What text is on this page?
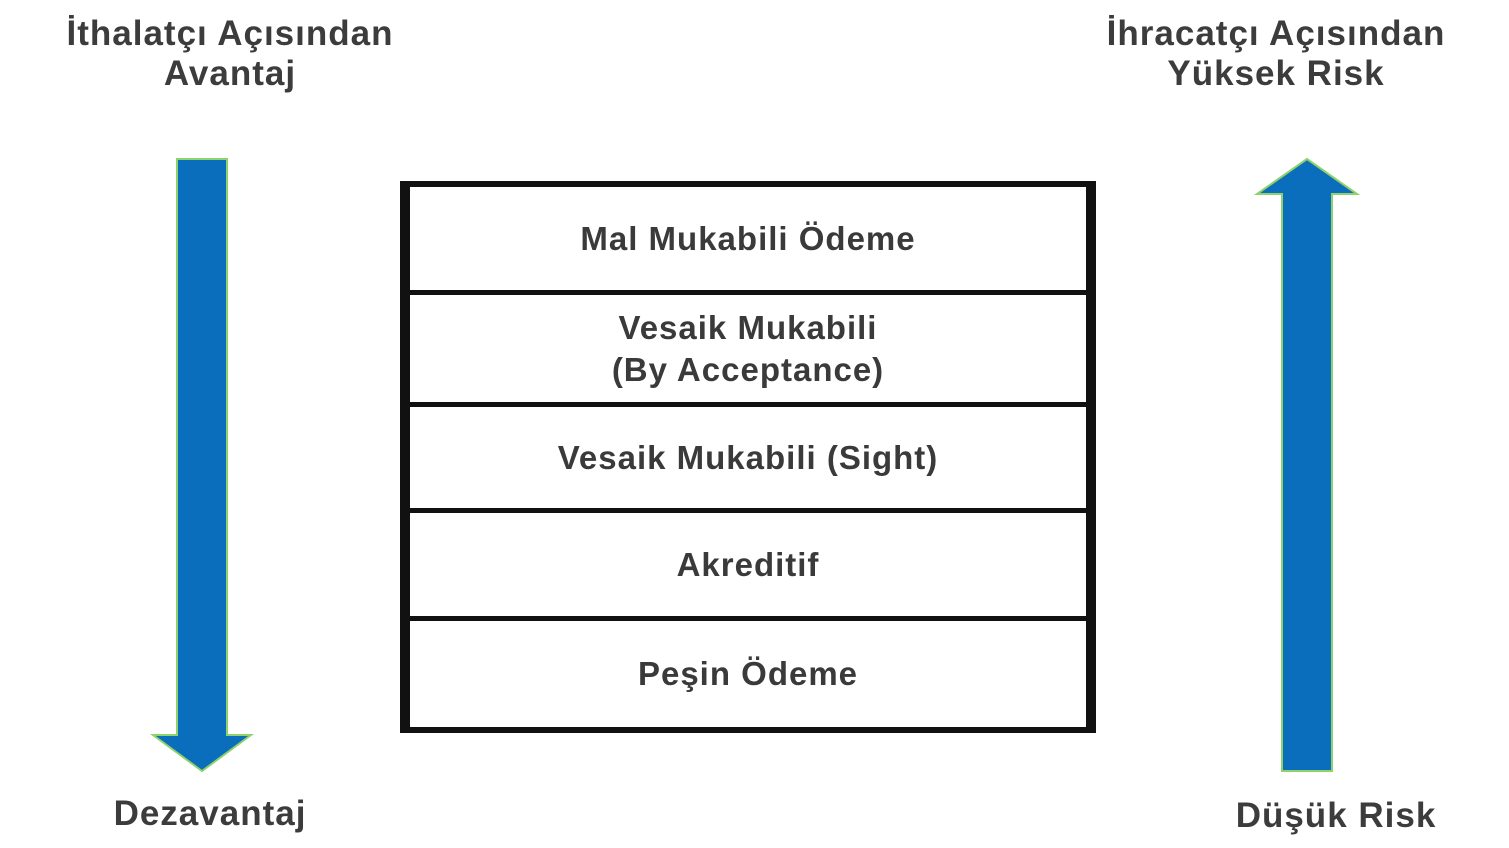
İthalatçı Açısından
Avantaj
İhracatçı Açısından
Yüksek Risk
Dezavantaj	Düşük Risk
Mal Mukabili Ödeme
Vesaik Mukabili
(By Acceptance)
Vesaik Mukabili (Sight)
Akreditif
Peşin Ödeme
